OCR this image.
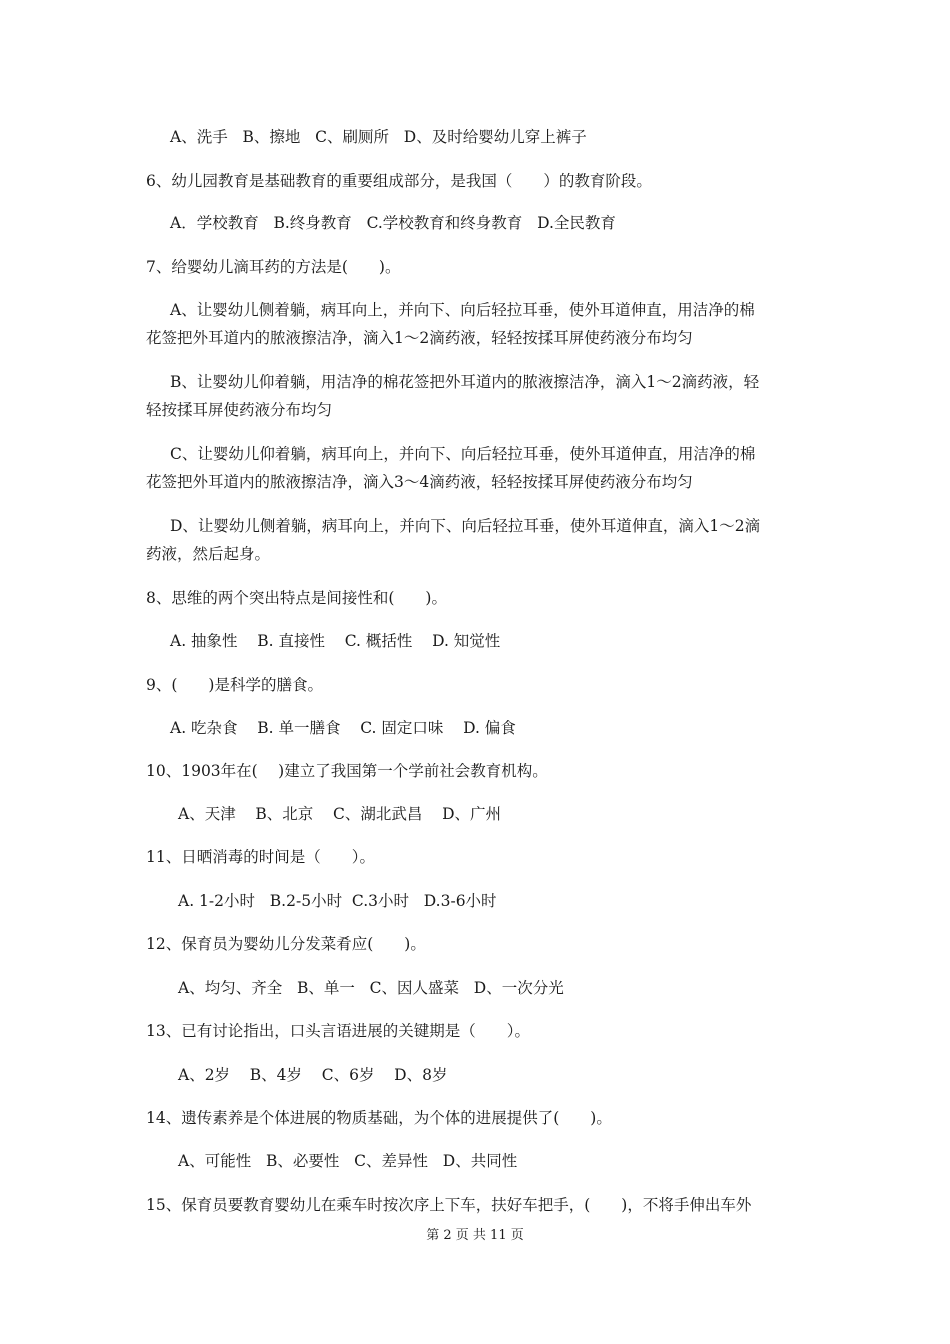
A、洗手   B、擦地   C、刷厕所   D、及时给婴幼儿穿上裤子
6、幼儿园教育是基础教育的重要组成部分，是我国（　　）的教育阶段。
A．学校教育   B.终身教育   C.学校教育和终身教育   D.全民教育
7、给婴幼儿滴耳药的方法是(　　)。
A、让婴幼儿侧着躺，病耳向上，并向下、向后轻拉耳垂，使外耳道伸直，用洁净的棉
花签把外耳道内的脓液擦洁净，滴入1～2滴药液，轻轻按揉耳屏使药液分布均匀
B、让婴幼儿仰着躺，用洁净的棉花签把外耳道内的脓液擦洁净，滴入1～2滴药液，轻
轻按揉耳屏使药液分布均匀
C、让婴幼儿仰着躺，病耳向上，并向下、向后轻拉耳垂，使外耳道伸直，用洁净的棉
花签把外耳道内的脓液擦洁净，滴入3～4滴药液，轻轻按揉耳屏使药液分布均匀
D、让婴幼儿侧着躺，病耳向上，并向下、向后轻拉耳垂，使外耳道伸直，滴入1～2滴
药液，然后起身。
8、思维的两个突出特点是间接性和(　　)。
A. 抽象性    B. 直接性    C. 概括性    D. 知觉性
9、(　　)是科学的膳食。
A. 吃杂食    B. 单一膳食    C. 固定口味    D. 偏食
10、1903年在(　 )建立了我国第一个学前社会教育机构。
A、天津    B、北京    C、湖北武昌    D、广州
11、日晒消毒的时间是（　　）。
A. 1-2小时   B.2-5小时  C.3小时   D.3-6小时
12、保育员为婴幼儿分发菜肴应(　　)。
A、均匀、齐全   B、单一   C、因人盛菜   D、一次分光
13、已有讨论指出，口头言语进展的关键期是（　　）。
A、2岁    B、4岁    C、6岁    D、8岁
14、遗传素养是个体进展的物质基础，为个体的进展提供了(　　)。
A、可能性   B、必要性   C、差异性   D、共同性
15、保育员要教育婴幼儿在乘车时按次序上下车，扶好车把手，(　　)，不将手伸出车外
第 2 页 共 11 页
